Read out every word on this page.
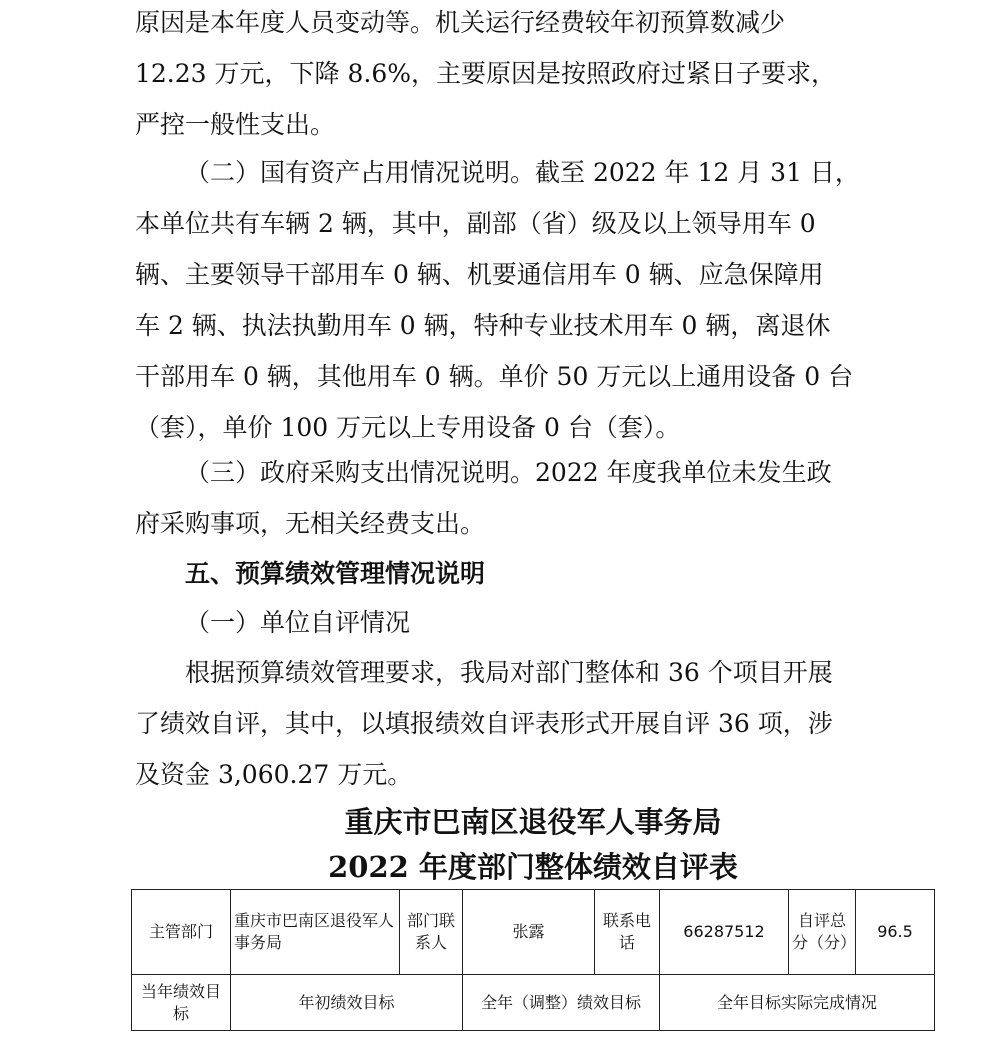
原因是本年度人员变动等。机关运行经费较年初预算数减少
12.23 万元，下降 8.6%，主要原因是按照政府过紧日子要求，
严控一般性支出。
（二）国有资产占用情况说明。截至 2022 年 12 月 31 日，
本单位共有车辆 2 辆，其中，副部（省）级及以上领导用车 0
辆、主要领导干部用车 0 辆、机要通信用车 0 辆、应急保障用
车 2 辆、执法执勤用车 0 辆，特种专业技术用车 0 辆，离退休
干部用车 0 辆，其他用车 0 辆。单价 50 万元以上通用设备 0 台
（套），单价 100 万元以上专用设备 0 台（套）。
（三）政府采购支出情况说明。2022 年度我单位未发生政
府采购事项，无相关经费支出。
五、预算绩效管理情况说明
（一）单位自评情况
根据预算绩效管理要求，我局对部门整体和 36 个项目开展
了绩效自评，其中，以填报绩效自评表形式开展自评 36 项，涉
及资金 3,060.27 万元。
重庆市巴南区退役军人事务局
2022 年度部门整体绩效自评表
主管部门	重庆市巴南区退役军人事务局	部门联系人	张露	联系电话	66287512	自评总分（分）	96.5
当年绩效目标	年初绩效目标		全年（调整）绩效目标		全年目标实际完成情况		
